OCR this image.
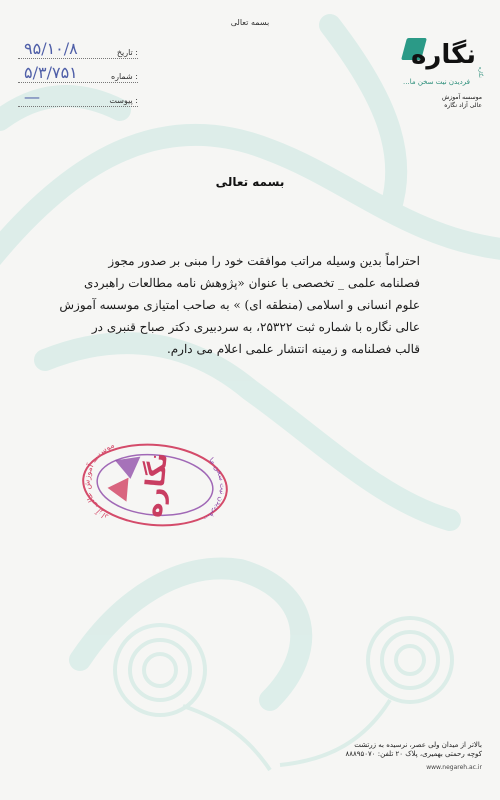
بسمه تعالی
۹۵/۱۰/۸	: تاریخ
۵/۳/۷۵۱	: شماره
—	: پیوست
نگاره
فردیدن نیت سخن ما...
موسسه آموزش عالی آزاد نگاره
نگاره
بسمه تعالی
احتراماً بدین وسیله مراتب موافقت خود را مبنی بر صدور مجوز
فصلنامه علمی _ تخصصی با عنوان «پژوهش نامه مطالعات راهبردی
علوم انسانی و اسلامی (منطقه ای) » به صاحب امتیازی موسسه آموزش
عالی نگاره با شماره ثبت ۲۵۳۲۲، به سردبیری دکتر صباح قنبری در
قالب فصلنامه و زمینه انتشار علمی اعلام می دارم.
موسسه آموزش عالی آزاد
فردیدن نیت سخن ما...
نگاره
بالاتر از میدان ولی عصر، نرسیده به زرتشت
کوچه رحمتی بهمیری، پلاک ۲۰ تلفن: ۸۸۸۹۵۰۷۰
www.negareh.ac.ir
